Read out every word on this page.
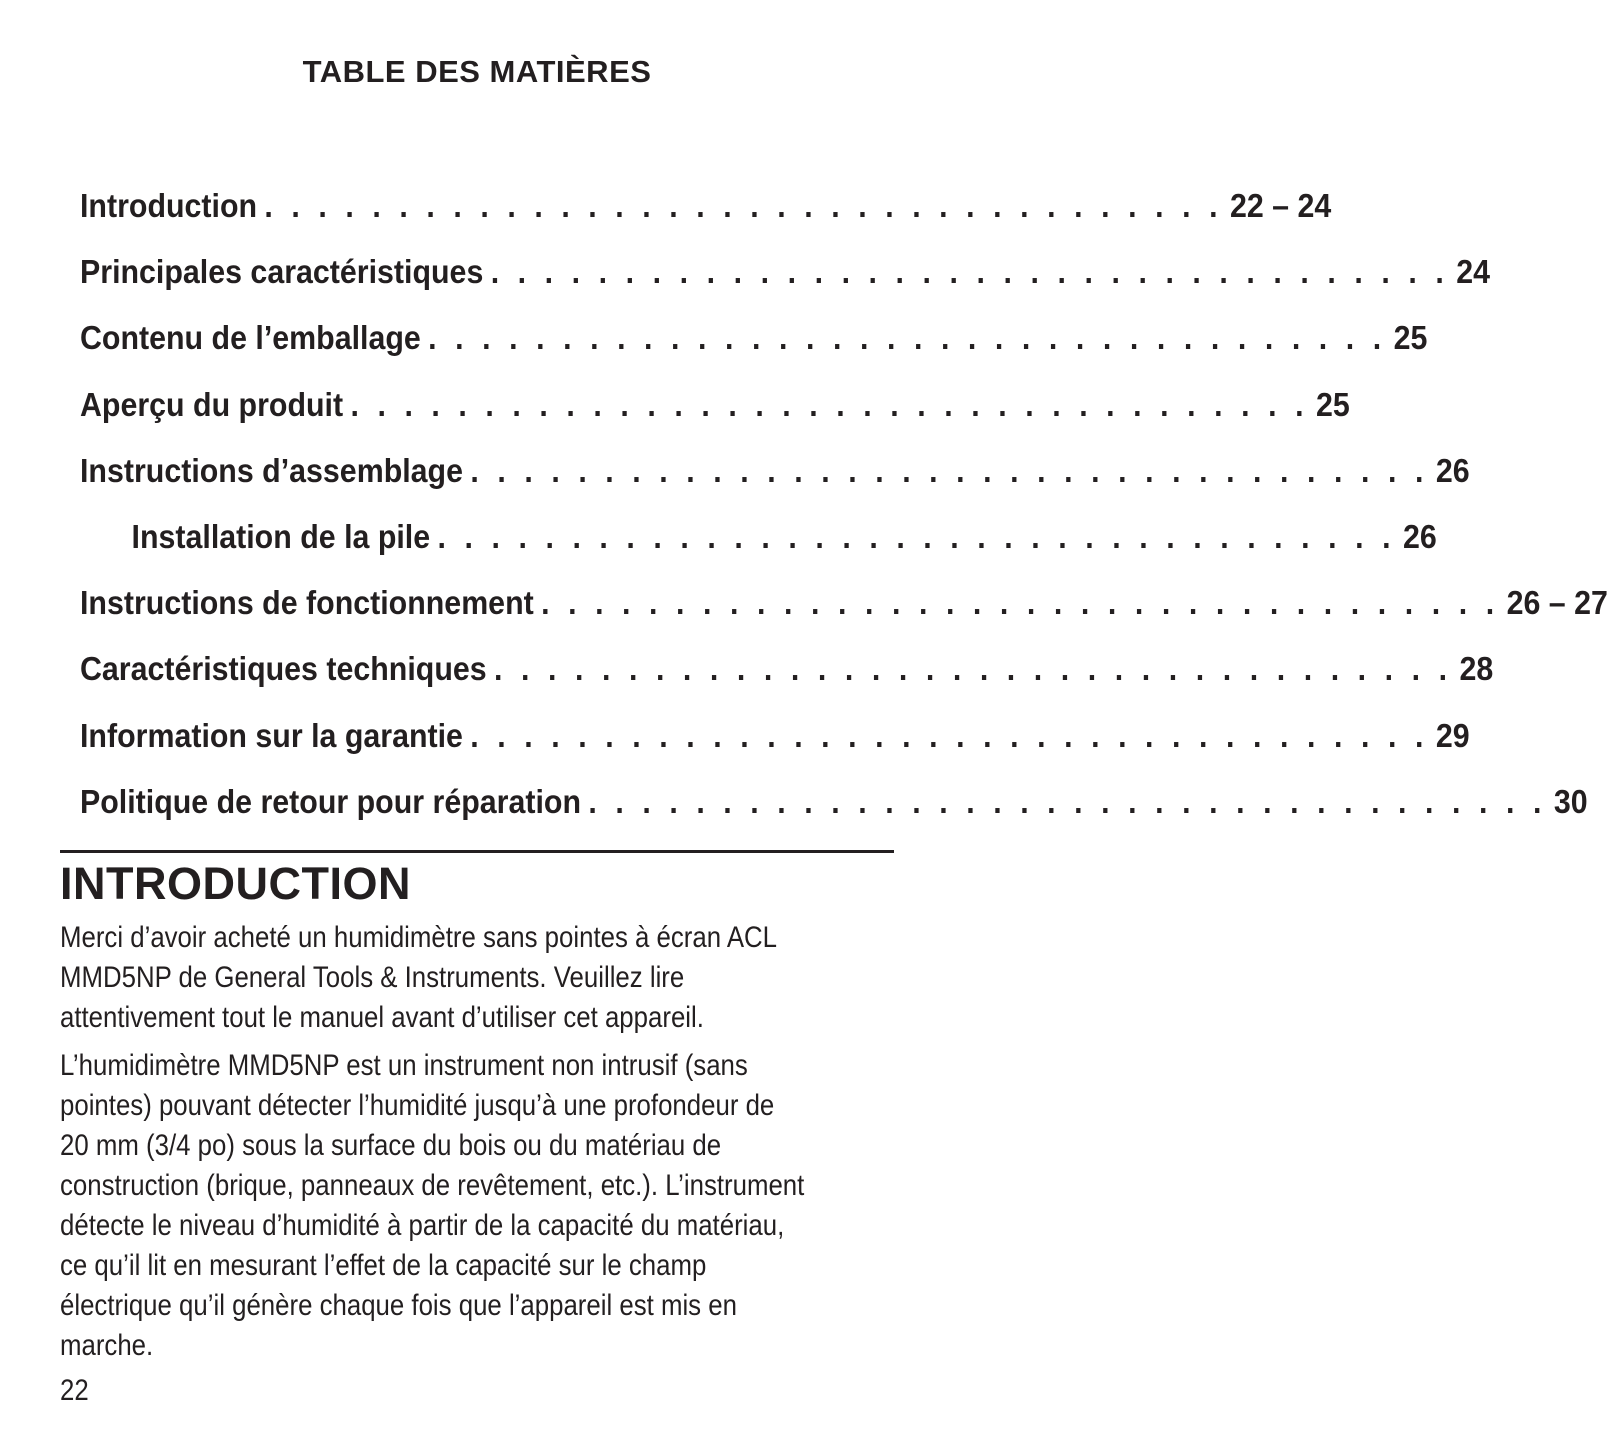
TABLE DES MATIÈRES
Introduction . . . . . . . . . . . . . . . . . . . . . . . . . . . . . . . . . . . . 22 – 24
Principales caractéristiques . . . . . . . . . . . . . . . . . . . . . . . . . . . . . . . . . . . . 24
Contenu de l’emballage . . . . . . . . . . . . . . . . . . . . . . . . . . . . . . . . . . . . 25
Aperçu du produit . . . . . . . . . . . . . . . . . . . . . . . . . . . . . . . . . . . . 25
Instructions d’assemblage . . . . . . . . . . . . . . . . . . . . . . . . . . . . . . . . . . . . 26
Installation de la pile . . . . . . . . . . . . . . . . . . . . . . . . . . . . . . . . . . . . 26
Instructions de fonctionnement . . . . . . . . . . . . . . . . . . . . . . . . . . . . . . . . . . . . 26 – 27
Caractéristiques techniques . . . . . . . . . . . . . . . . . . . . . . . . . . . . . . . . . . . . 28
Information sur la garantie . . . . . . . . . . . . . . . . . . . . . . . . . . . . . . . . . . . . 29
Politique de retour pour réparation . . . . . . . . . . . . . . . . . . . . . . . . . . . . . . . . . . . . 30
INTRODUCTION

Merci d’avoir acheté un humidimètre sans pointes à écran ACL
MMD5NP de General Tools & Instruments. Veuillez lire
attentivement tout le manuel avant d’utiliser cet appareil.

L’humidimètre MMD5NP est un instrument non intrusif (sans
pointes) pouvant détecter l’humidité jusqu’à une profondeur de
20 mm (3/4 po) sous la surface du bois ou du matériau de
construction (brique, panneaux de revêtement, etc.). L’instrument
détecte le niveau d’humidité à partir de la capacité du matériau,
ce qu’il lit en mesurant l’effet de la capacité sur le champ
électrique qu’il génère chaque fois que l’appareil est mis en
marche.

22
